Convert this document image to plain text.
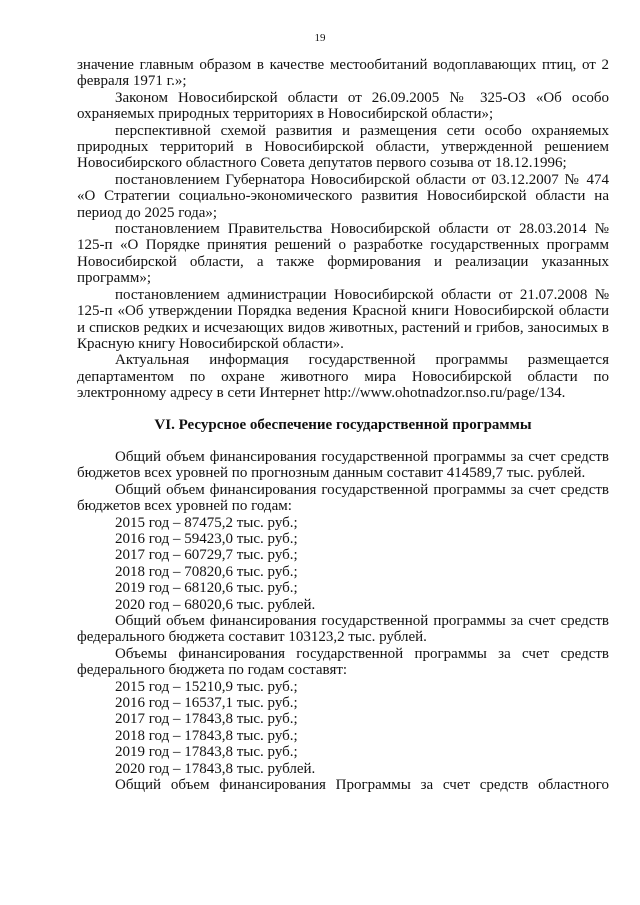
19

значение главным образом в качестве местообитаний водоплавающих птиц, от 2 февраля 1971 г.»;

Законом Новосибирской области от 26.09.2005 № 325-ОЗ «Об особо охраняемых природных территориях в Новосибирской области»;

перспективной схемой развития и размещения сети особо охраняемых природных территорий в Новосибирской области, утвержденной решением Новосибирского областного Совета депутатов первого созыва от 18.12.1996;

постановлением Губернатора Новосибирской области от 03.12.2007 № 474 «О Стратегии социально-экономического развития Новосибирской области на период до 2025 года»;

постановлением Правительства Новосибирской области от 28.03.2014 № 125-п «О Порядке принятия решений о разработке государственных программ Новосибирской области, а также формирования и реализации указанных программ»;

постановлением администрации Новосибирской области от 21.07.2008 № 125-п «Об утверждении Порядка ведения Красной книги Новосибирской области и списков редких и исчезающих видов животных, растений и грибов, заносимых в Красную книгу Новосибирской области».

Актуальная информация государственной программы размещается департаментом по охране животного мира Новосибирской области по электронному адресу в сети Интернет http://www.ohotnadzor.nso.ru/page/134.

VI. Ресурсное обеспечение государственной программы

Общий объем финансирования государственной программы за счет средств бюджетов всех уровней по прогнозным данным составит 414589,7 тыс. рублей.

Общий объем финансирования государственной программы за счет средств бюджетов всех уровней по годам:

2015 год – 87475,2 тыс. руб.;

2016 год – 59423,0 тыс. руб.;

2017 год – 60729,7 тыс. руб.;

2018 год – 70820,6 тыс. руб.;

2019 год – 68120,6 тыс. руб.;

2020 год – 68020,6 тыс. рублей.

Общий объем финансирования государственной программы за счет средств федерального бюджета составит 103123,2 тыс. рублей.

Объемы финансирования государственной программы за счет средств федерального бюджета по годам составят:

2015 год – 15210,9 тыс. руб.;

2016 год – 16537,1 тыс. руб.;

2017 год – 17843,8 тыс. руб.;

2018 год – 17843,8 тыс. руб.;

2019 год – 17843,8 тыс. руб.;

2020 год – 17843,8 тыс. рублей.

Общий объем финансирования Программы за счет средств областного
